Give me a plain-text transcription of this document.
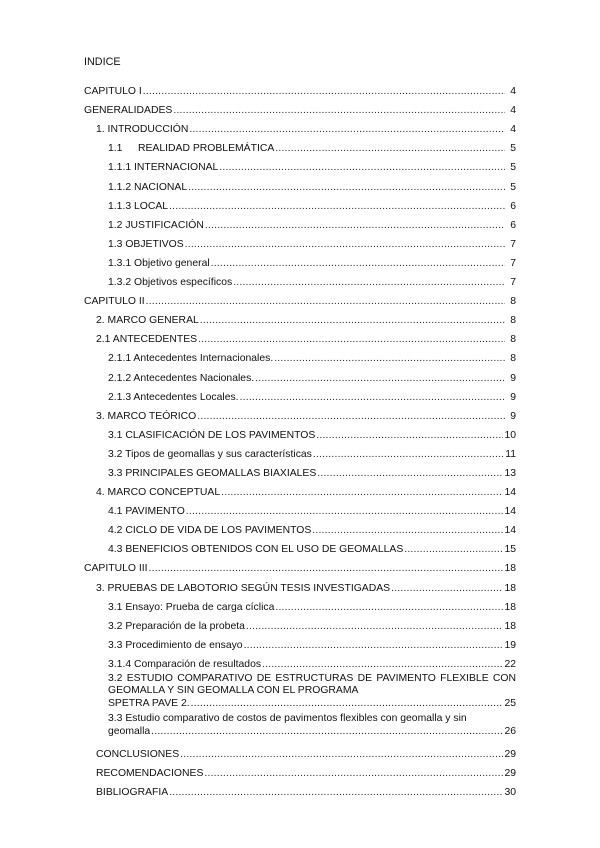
INDICE
CAPITULO I .....	4
GENERALIDADES .....	4
1. INTRODUCCIÓN .....	4
1.1 REALIDAD PROBLEMÁTICA .....	5
1.1.1 INTERNACIONAL .....	5
1.1.2 NACIONAL .....	5
1.1.3 LOCAL .....	6
1.2 JUSTIFICACIÓN .....	6
1.3 OBJETIVOS .....	7
1.3.1 Objetivo general .....	7
1.3.2 Objetivos específicos .....	7
CAPITULO II .....	8
2. MARCO GENERAL .....	8
2.1 ANTECEDENTES .....	8
2.1.1 Antecedentes Internacionales. .....	8
2.1.2 Antecedentes Nacionales. .....	9
2.1.3 Antecedentes Locales. .....	9
3. MARCO TEÓRICO .....	9
3.1 CLASIFICACIÓN DE LOS PAVIMENTOS .....	10
3.2 Tipos de geomallas y sus características .....	11
3.3 PRINCIPALES GEOMALLAS BIAXIALES .....	13
4. MARCO CONCEPTUAL .....	14
4.1 PAVIMENTO .....	14
4.2 CICLO DE VIDA DE LOS PAVIMENTOS .....	14
4.3 BENEFICIOS OBTENIDOS CON EL USO DE GEOMALLAS .....	15
CAPITULO III .....	18
3. PRUEBAS DE LABOTORIO SEGÚN TESIS INVESTIGADAS .....	18
3.1 Ensayo: Prueba de carga cíclica .....	18
3.2 Preparación de la probeta .....	18
3.3 Procedimiento de ensayo .....	19
3.1.4 Comparación de resultados .....	22
3.2 ESTUDIO COMPARATIVO DE ESTRUCTURAS DE PAVIMENTO FLEXIBLE CON GEOMALLA Y SIN GEOMALLA CON EL PROGRAMA
SPETRA PAVE 2. .....	25
3.3 Estudio comparativo de costos de pavimentos flexibles con geomalla y sin
geomalla .....	26
CONCLUSIONES .....	29
RECOMENDACIONES .....	29
BIBLIOGRAFIA .....	30
